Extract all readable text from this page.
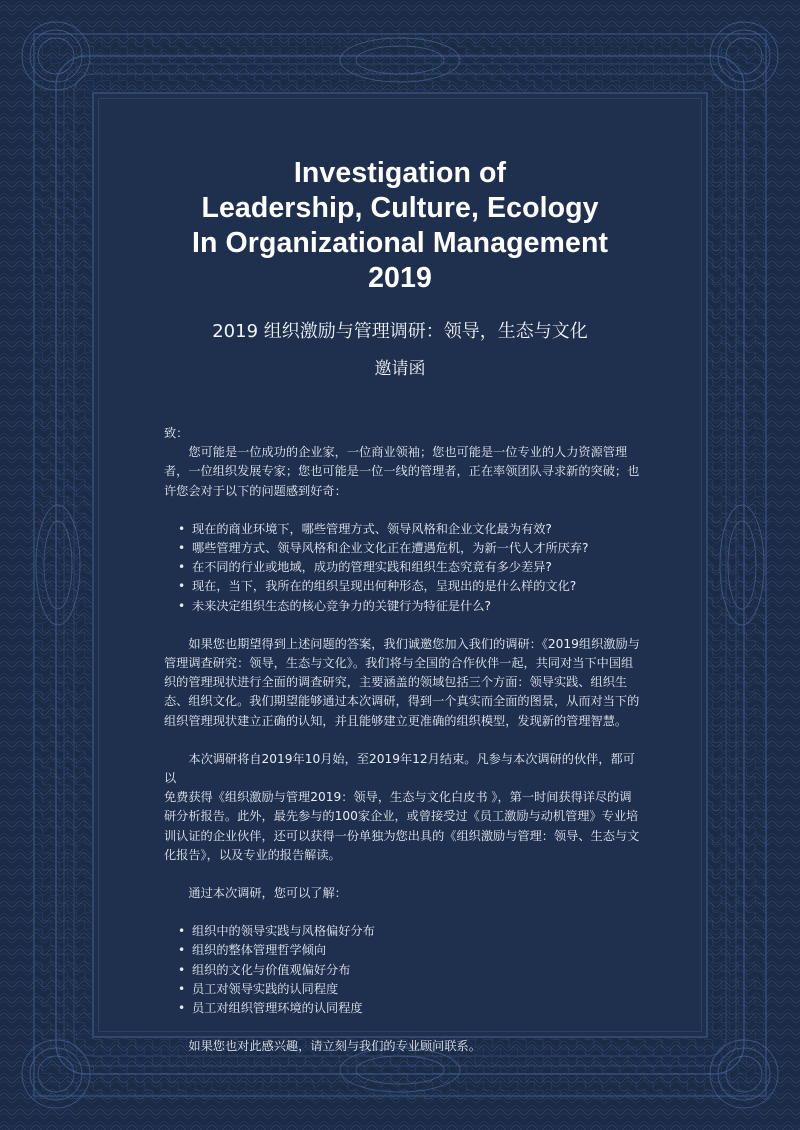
Investigation of
Leadership, Culture, Ecology
In Organizational Management
2019
2019 组织激励与管理调研：领导，生态与文化
邀请函

致：

您可能是一位成功的企业家，一位商业领袖；您也可能是一位专业的人力资源管理

者，一位组织发展专家；您也可能是一位一线的管理者，正在率领团队寻求新的突破；也

许您会对于以下的问题感到好奇：

• 现在的商业环境下，哪些管理方式、领导风格和企业文化最为有效?
• 哪些管理方式、领导风格和企业文化正在遭遇危机，为新一代人才所厌弃?
• 在不同的行业或地域，成功的管理实践和组织生态究竟有多少差异?
• 现在，当下，我所在的组织呈现出何种形态，呈现出的是什么样的文化?
• 未来决定组织生态的核心竞争力的关键行为特征是什么?

如果您也期望得到上述问题的答案，我们诚邀您加入我们的调研：《2019组织激励与

管理调查研究：领导，生态与文化》。我们将与全国的合作伙伴一起，共同对当下中国组

织的管理现状进行全面的调查研究，主要涵盖的领域包括三个方面：领导实践、组织生

态、组织文化。我们期望能够通过本次调研，得到一个真实而全面的图景，从而对当下的

组织管理现状建立正确的认知，并且能够建立更准确的组织模型，发现新的管理智慧。

本次调研将自2019年10月始，至2019年12月结束。凡参与本次调研的伙伴，都可以

免费获得《组织激励与管理2019：领导，生态与文化白皮书 》，第一时间获得详尽的调

研分析报告。此外，最先参与的100家企业，或曾接受过《员工激励与动机管理》专业培

训认证的企业伙伴，还可以获得一份单独为您出具的《组织激励与管理：领导、生态与文

化报告》，以及专业的报告解读。

通过本次调研，您可以了解：

• 组织中的领导实践与风格偏好分布
• 组织的整体管理哲学倾向
• 组织的文化与价值观偏好分布
• 员工对领导实践的认同程度
• 员工对组织管理环境的认同程度

如果您也对此感兴趣，请立刻与我们的专业顾问联系。
